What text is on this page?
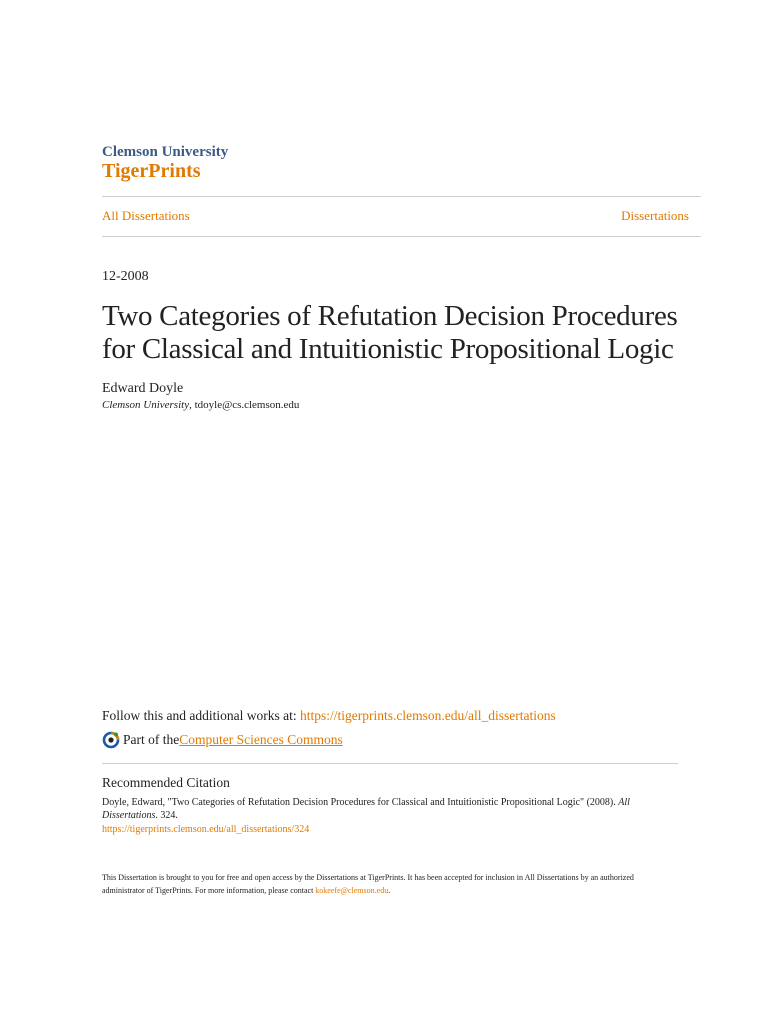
Clemson University
TigerPrints
All Dissertations	Dissertations
12-2008
Two Categories of Refutation Decision Procedures
for Classical and Intuitionistic Propositional Logic
Edward Doyle
Clemson University, tdoyle@cs.clemson.edu
Follow this and additional works at: https://tigerprints.clemson.edu/all_dissertations
Part of the Computer Sciences Commons
Recommended Citation
Doyle, Edward, "Two Categories of Refutation Decision Procedures for Classical and Intuitionistic Propositional Logic" (2008). All Dissertations. 324.
https://tigerprints.clemson.edu/all_dissertations/324
This Dissertation is brought to you for free and open access by the Dissertations at TigerPrints. It has been accepted for inclusion in All Dissertations by an authorized administrator of TigerPrints. For more information, please contact kokeefe@clemson.edu.
